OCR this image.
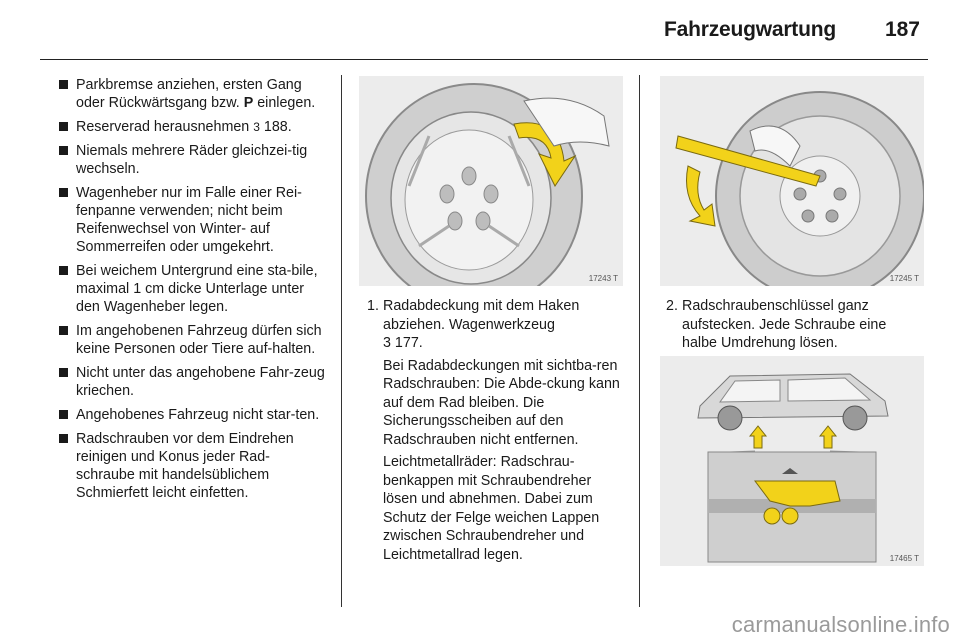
Fahrzeugwartung 187
Parkbremse anziehen, ersten Gang oder Rückwärtsgang bzw. P einlegen.
Reserverad herausnehmen 3 188.
Niemals mehrere Räder gleichzei-tig wechseln.
Wagenheber nur im Falle einer Rei-fenpanne verwenden; nicht beim Reifenwechsel von Winter- auf Sommerreifen oder umgekehrt.
Bei weichem Untergrund eine sta-bile, maximal 1 cm dicke Unterlage unter den Wagenheber legen.
Im angehobenen Fahrzeug dürfen sich keine Personen oder Tiere auf-halten.
Nicht unter das angehobene Fahr-zeug kriechen.
Angehobenes Fahrzeug nicht star-ten.
Radschrauben vor dem Eindrehen reinigen und Konus jeder Rad-schraube mit handelsüblichem Schmierfett leicht einfetten.
17243 T	17245 T
17465 T
1. Radabdeckung mit dem Haken abziehen. Wagenwerkzeug

3 177.

Bei Radabdeckungen mit sichtba-ren Radschrauben: Die Abde-ckung kann auf dem Rad bleiben. Die Sicherungsscheiben auf den Radschrauben nicht entfernen.

Leichtmetallräder: Radschrau-benkappen mit Schraubendreher lösen und abnehmen. Dabei zum Schutz der Felge weichen Lappen zwischen Schraubendreher und Leichtmetallrad legen.

2. Radschraubenschlüssel ganz aufstecken. Jede Schraube eine halbe Umdrehung lösen.

carmanualsonline.info
